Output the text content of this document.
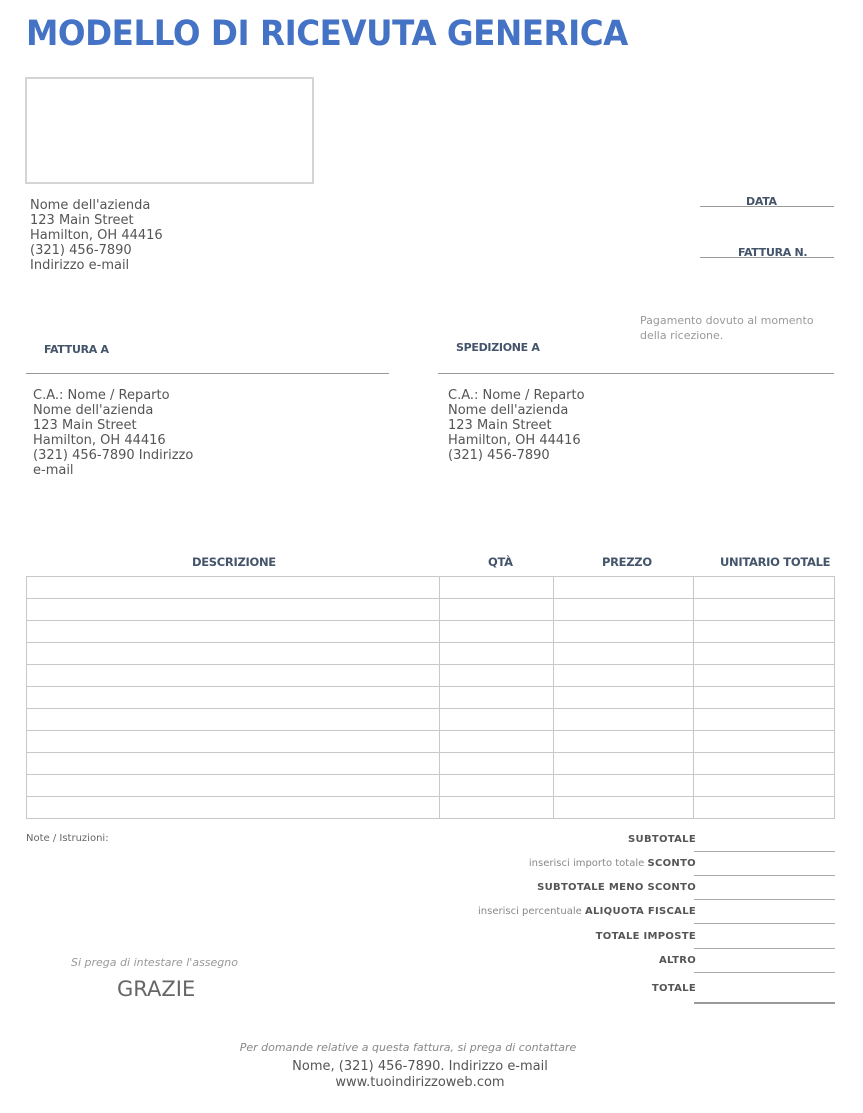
MODELLO DI RICEVUTA GENERICA
Nome dell'azienda
123 Main Street
Hamilton, OH 44416
(321) 456-7890
Indirizzo e-mail
DATA
FATTURA N.
Pagamento dovuto al momento
della ricezione.
FATTURA A
C.A.: Nome / Reparto
Nome dell'azienda
123 Main Street
Hamilton, OH 44416
(321) 456-7890 Indirizzo
e-mail
SPEDIZIONE A
C.A.: Nome / Reparto
Nome dell'azienda
123 Main Street
Hamilton, OH 44416
(321) 456-7890
DESCRIZIONE	QTÀ	PREZZO	UNITARIO TOTALE

Note / Istruzioni:	SUBTOTALE
inserisci importo totale SCONTO
SUBTOTALE MENO SCONTO
inserisci percentuale ALIQUOTA FISCALE
TOTALE IMPOSTE
ALTRO
TOTALE
Si prega di intestare l'assegno
GRAZIE
Per domande relative a questa fattura, si prega di contattare
Nome, (321) 456-7890. Indirizzo e-mail
www.tuoindirizzoweb.com
